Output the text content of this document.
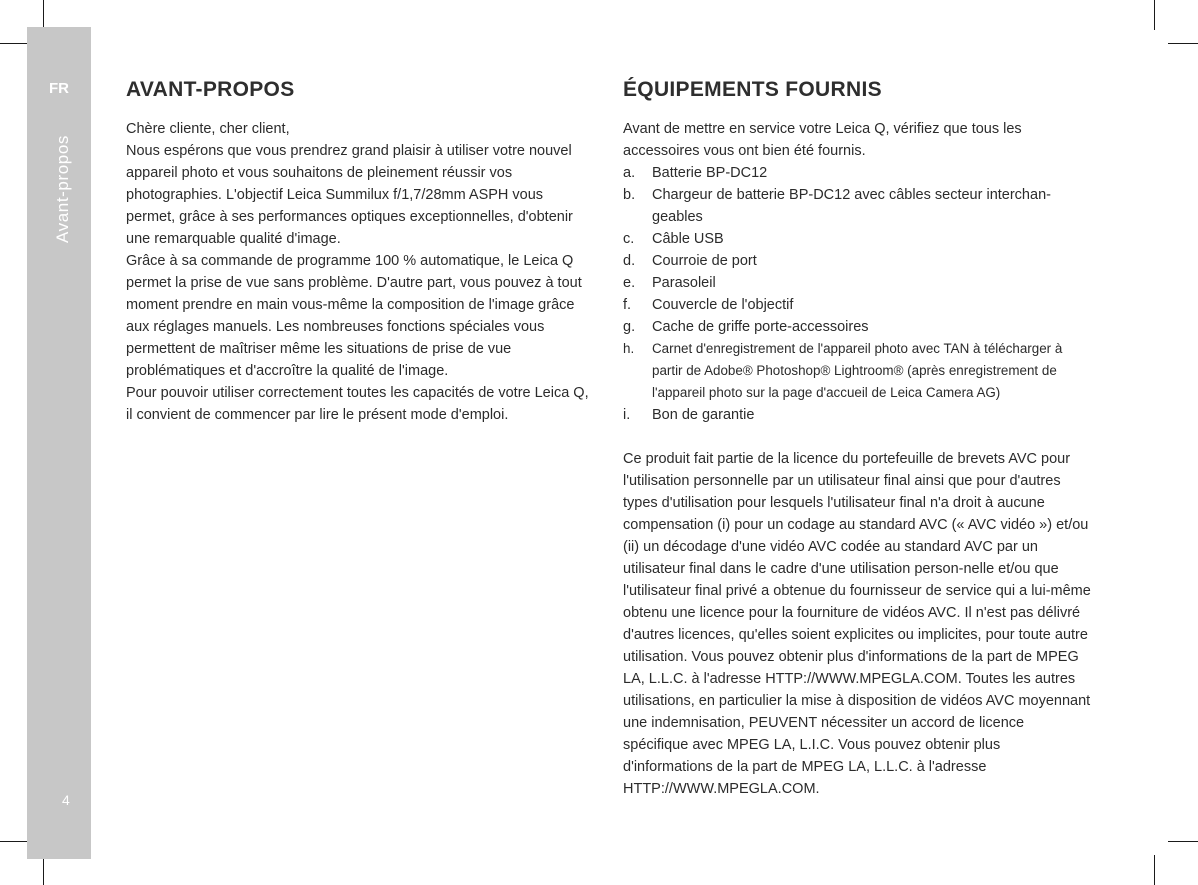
FR
Avant-propos
4
AVANT-PROPOS

Chère cliente, cher client,

Nous espérons que vous prendrez grand plaisir à utiliser votre nouvel appareil photo et vous souhaitons de pleinement réussir vos photographies. L'objectif Leica Summilux f/1,7/28mm ASPH vous permet, grâce à ses performances optiques exceptionnelles, d'obtenir une remarquable qualité d'image.

Grâce à sa commande de programme 100 % automatique, le Leica Q permet la prise de vue sans problème. D'autre part, vous pouvez à tout moment prendre en main vous-même la composition de l'image grâce aux réglages manuels. Les nombreuses fonctions spéciales vous permettent de maîtriser même les situations de prise de vue problématiques et d'accroître la qualité de l'image.

Pour pouvoir utiliser correctement toutes les capacités de votre Leica Q, il convient de commencer par lire le présent mode d'emploi.

ÉQUIPEMENTS FOURNIS

Avant de mettre en service votre Leica Q, vérifiez que tous les accessoires vous ont bien été fournis.

a. Batterie BP-DC12
b. Chargeur de batterie BP-DC12 avec câbles secteur interchan-geables
c. Câble USB
d. Courroie de port
e. Parasoleil
f. Couvercle de l'objectif
g. Cache de griffe porte-accessoires
h. Carnet d'enregistrement de l'appareil photo avec TAN à télécharger à partir de Adobe® Photoshop® Lightroom® (après enregistrement de l'appareil photo sur la page d'accueil de Leica Camera AG)
i. Bon de garantie

Ce produit fait partie de la licence du portefeuille de brevets AVC pour l'utilisation personnelle par un utilisateur final ainsi que pour d'autres types d'utilisation pour lesquels l'utilisateur final n'a droit à aucune compensation (i) pour un codage au standard AVC (« AVC vidéo ») et/ou (ii) un décodage d'une vidéo AVC codée au standard AVC par un utilisateur final dans le cadre d'une utilisation person-nelle et/ou que l'utilisateur final privé a obtenue du fournisseur de service qui a lui-même obtenu une licence pour la fourniture de vidéos AVC. Il n'est pas délivré d'autres licences, qu'elles soient explicites ou implicites, pour toute autre utilisation. Vous pouvez obtenir plus d'informations de la part de MPEG LA, L.L.C. à l'adresse HTTP://WWW.MPEGLA.COM. Toutes les autres utilisations, en particulier la mise à disposition de vidéos AVC moyennant une indemnisation, PEUVENT nécessiter un accord de licence spécifique avec MPEG LA, L.I.C. Vous pouvez obtenir plus d'informations de la part de MPEG LA, L.L.C. à l'adresse HTTP://WWW.MPEGLA.COM.
